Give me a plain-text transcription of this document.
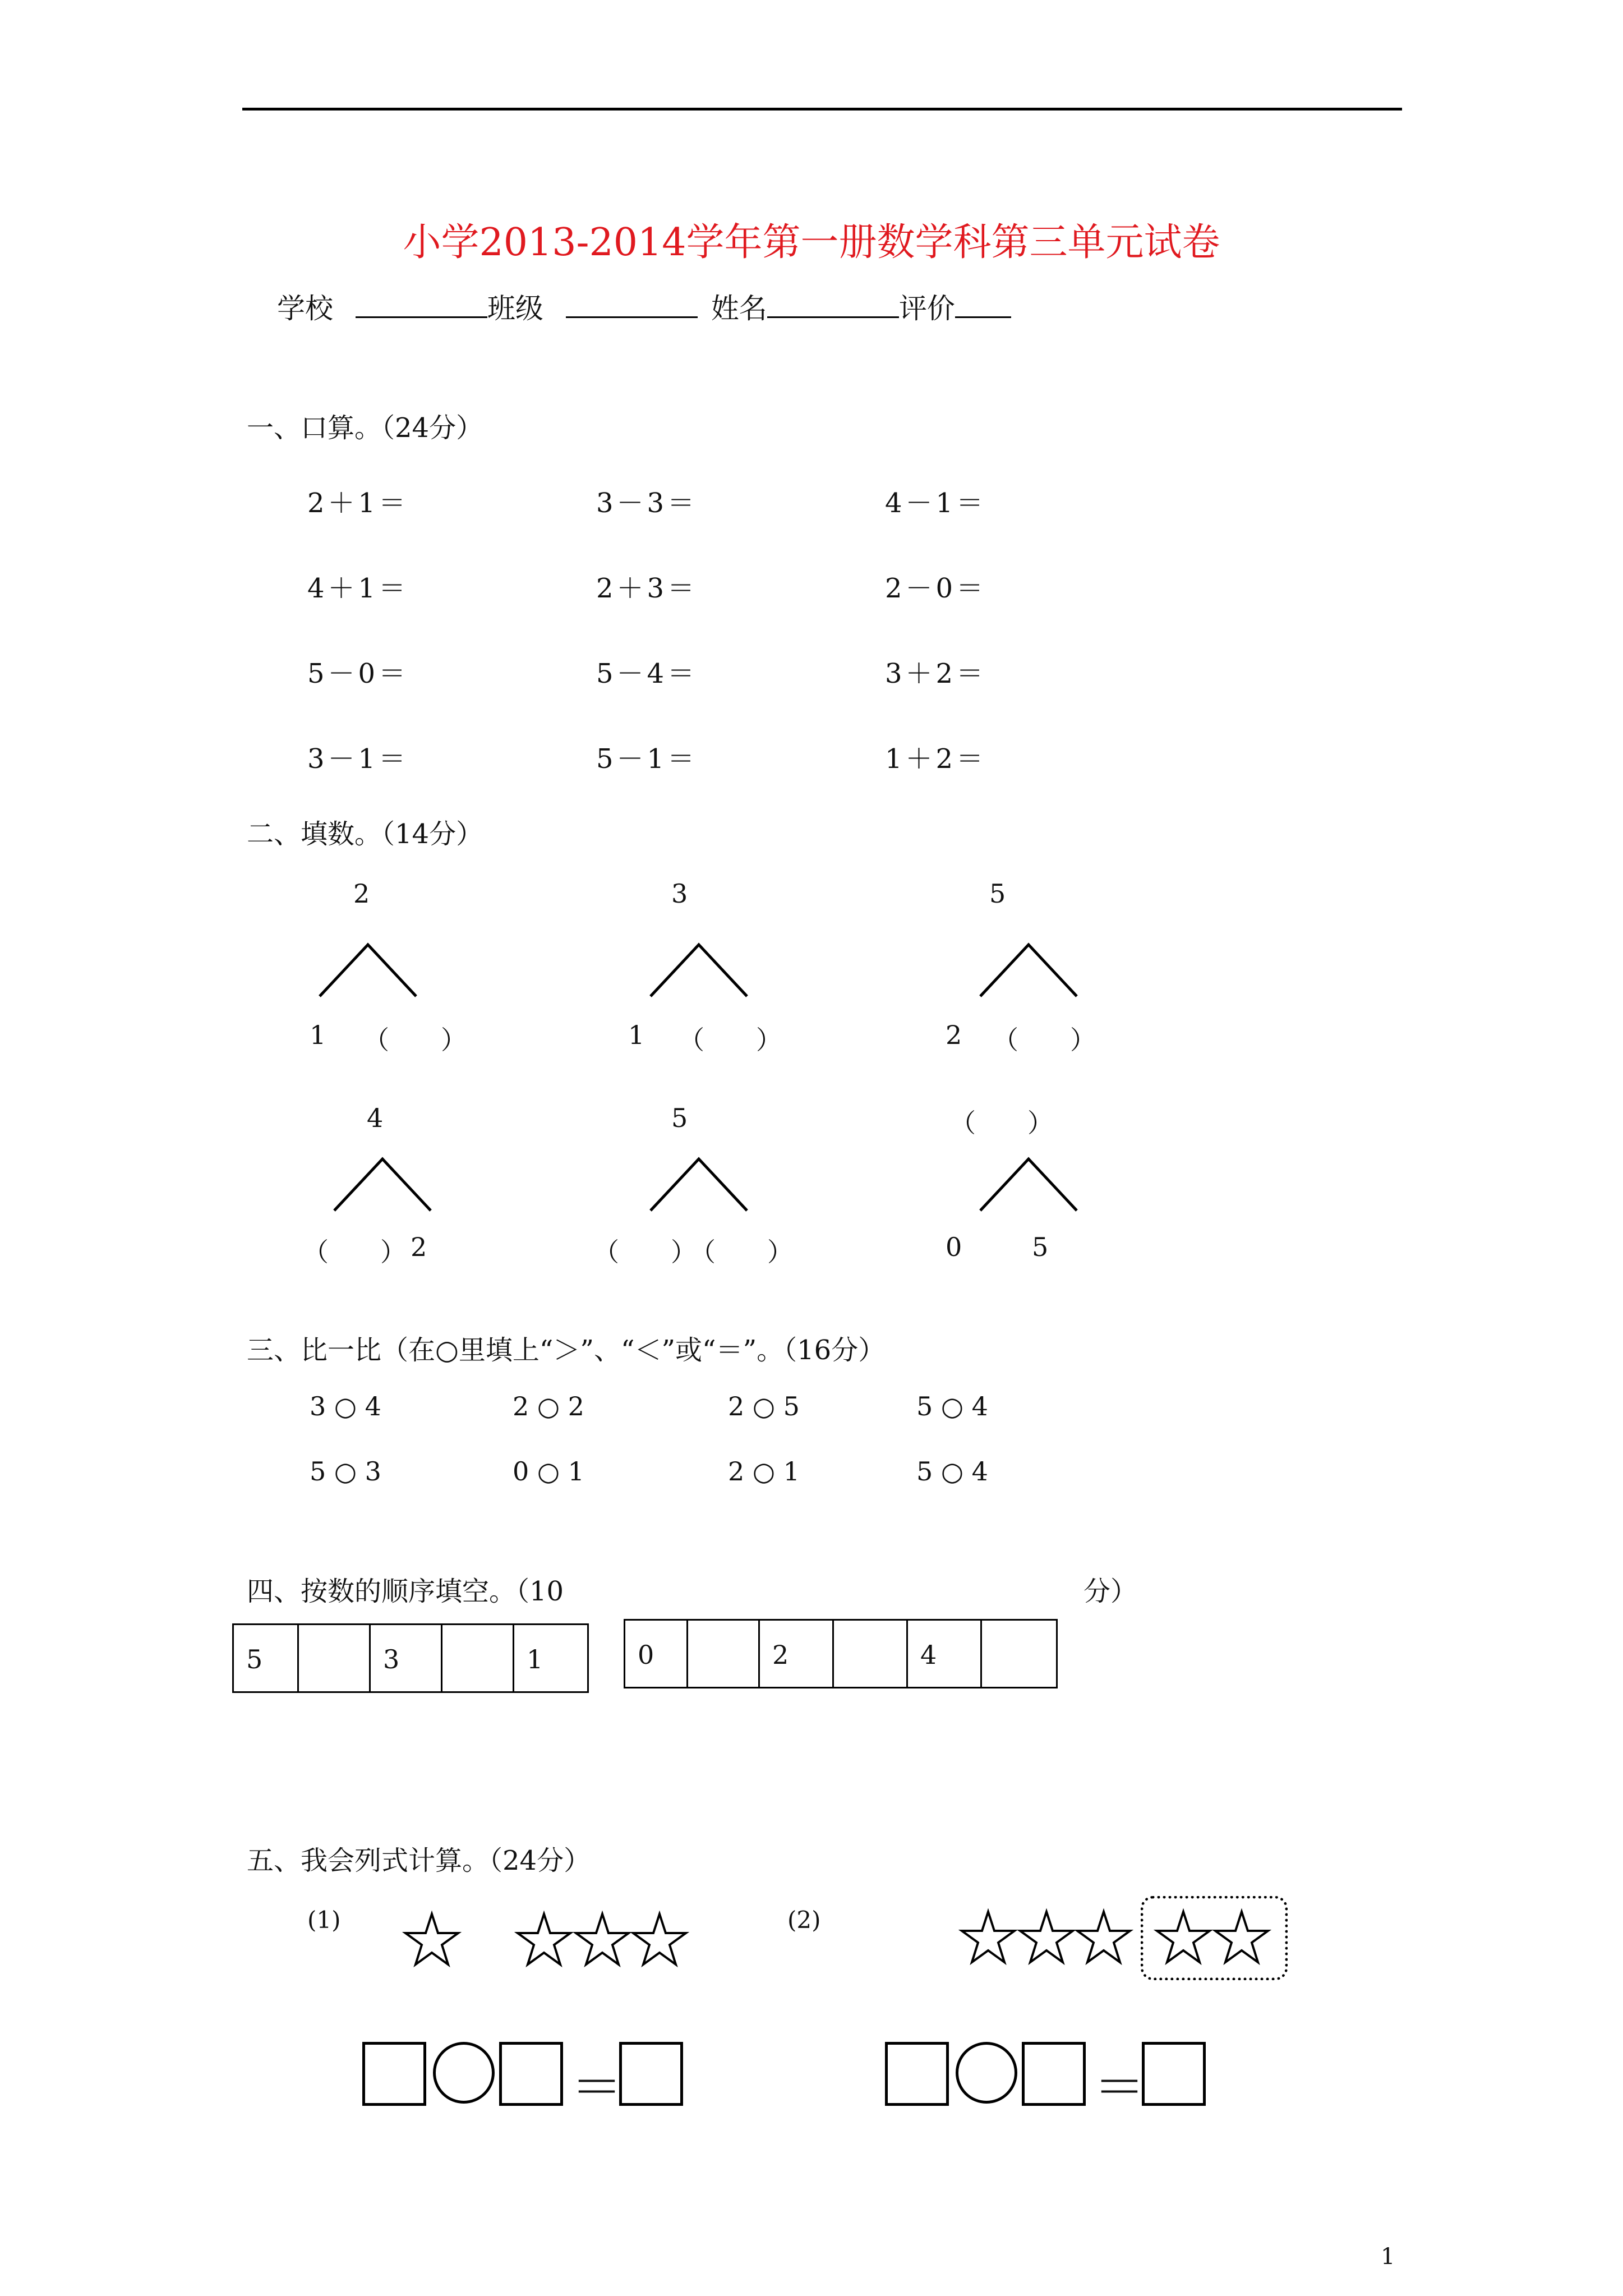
小学2013-2014学年第一册数学科第三单元试卷
学校	班级	姓名	评价
一、口算。（24分）
2＋1＝	3－3＝	4－1＝
4＋1＝	2＋3＝	2－0＝
5－0＝	5－4＝	3＋2＝
3－1＝	5－1＝	1＋2＝
二、填数。（14分）
2
1 （　　）
3
1 （　　）
5
2 （　　）
4
（　　） 2
5
（　　）
（　　）
（　　）
0	5
三、比一比（在○里填上“＞”、“＜”或“＝”。（16分）
3 ○ 4	2 ○ 2	2 ○ 5	5 ○ 4
5 ○ 3	0 ○ 1	2 ○ 1	5 ○ 4
四、按数的顺序填空。（10	分）
5	3	1	0	2	4
五、我会列式计算。（24分）
(1)	(2)
＝	＝
1
